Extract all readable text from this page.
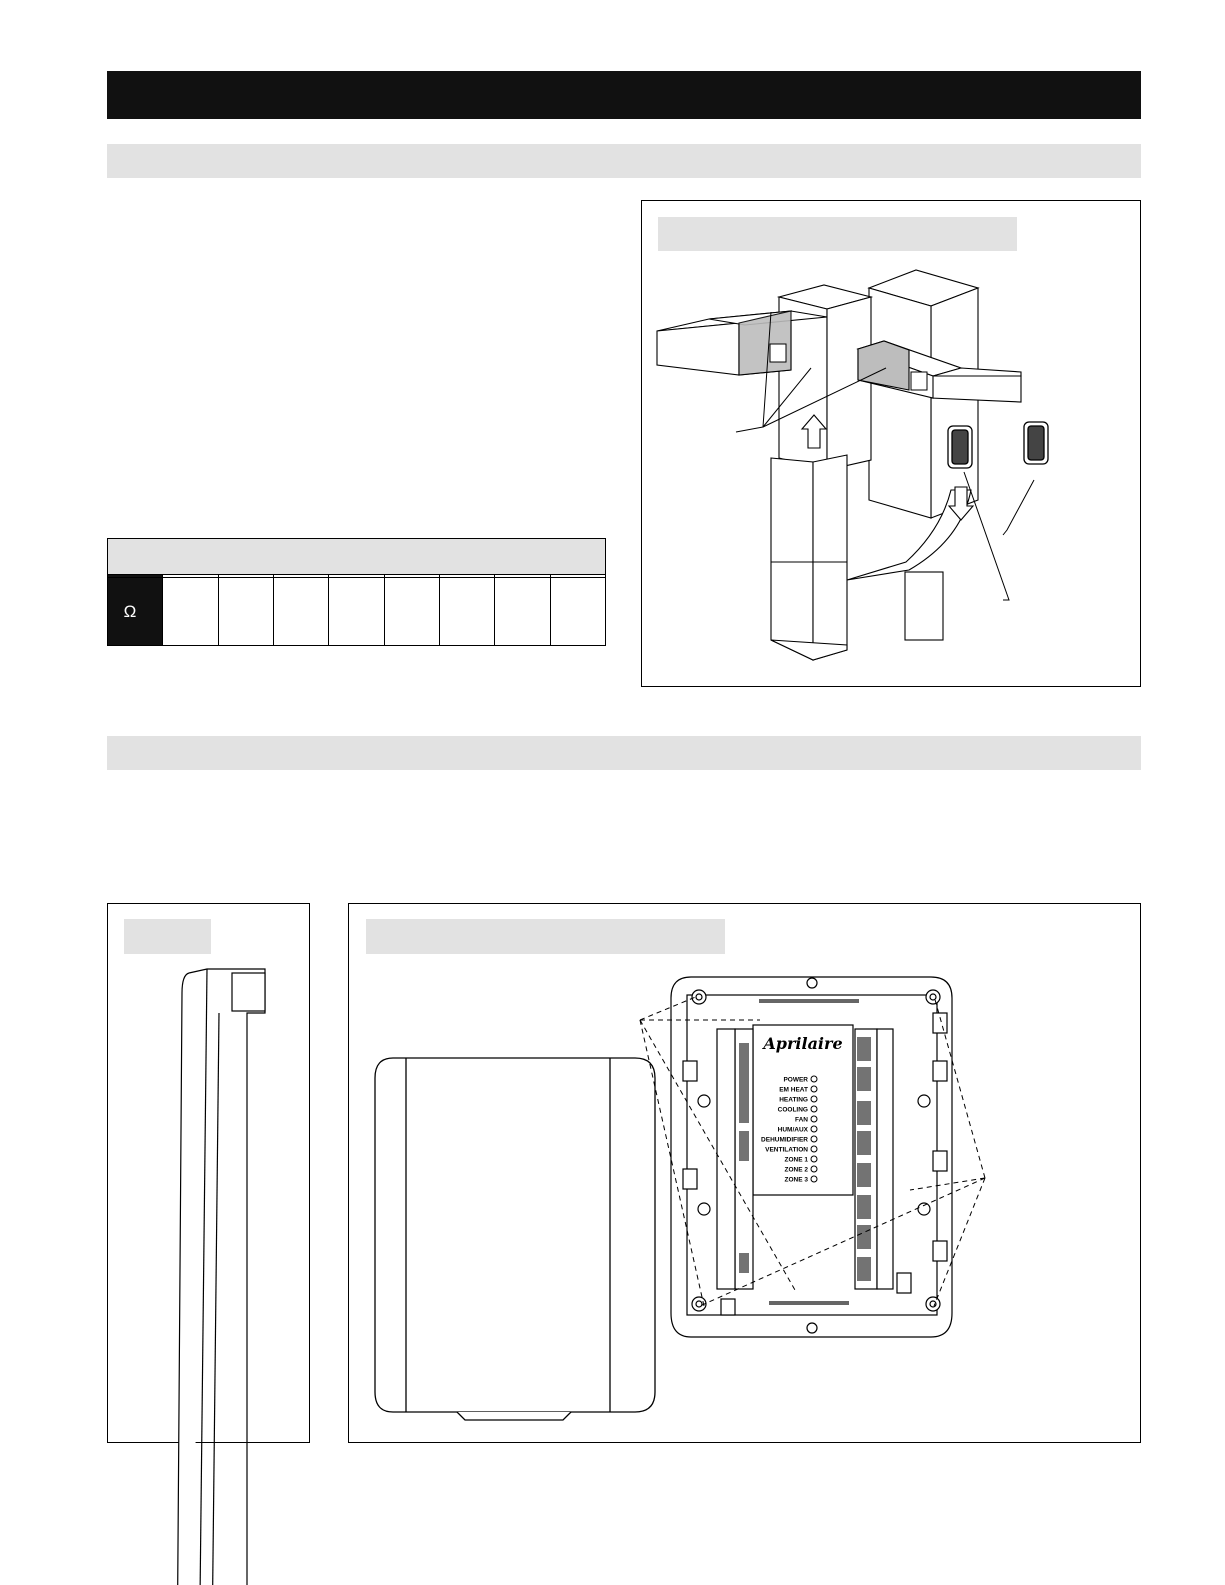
Ω								
Aprilaire
POWER
EM HEAT
HEATING
COOLING
FAN
HUM/AUX
DEHUMIDIFIER
VENTILATION
ZONE 1
ZONE 2
ZONE 3
